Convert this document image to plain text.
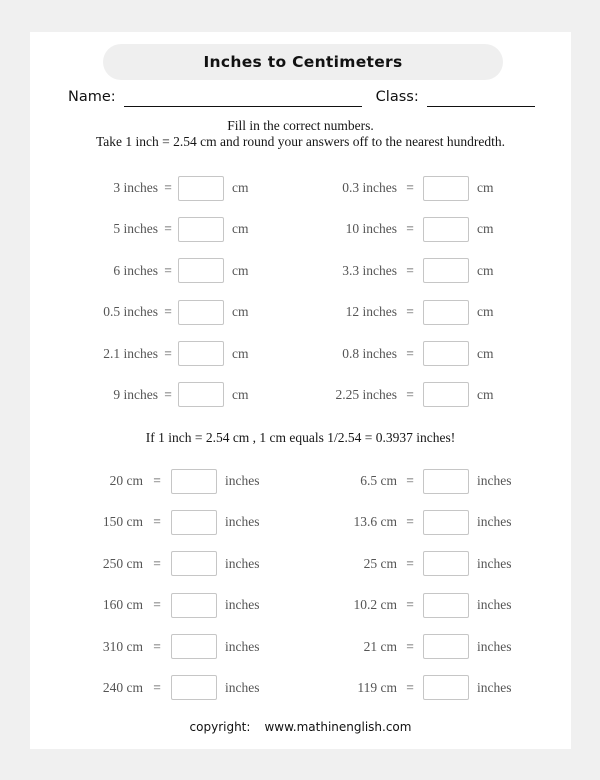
Inches to Centimeters
Name:	Class:
Fill in the correct numbers.
Take 1 inch = 2.54 cm and round your answers off to the nearest hundredth.
3 inches =	cm	0.3 inches =	cm
5 inches =	cm	10 inches =	cm
6 inches =	cm	3.3 inches =	cm
0.5 inches =	cm	12 inches =	cm
2.1 inches =	cm	0.8 inches =	cm
9 inches =	cm	2.25 inches =	cm
If 1 inch = 2.54 cm , 1 cm equals 1/2.54 = 0.3937 inches!
20 cm =	inches	6.5 cm =	inches
150 cm =	inches	13.6 cm =	inches
250 cm =	inches	25 cm =	inches
160 cm =	inches	10.2 cm =	inches
310 cm =	inches	21 cm =	inches
240 cm =	inches	119 cm =	inches
copyright: www.mathinenglish.com
